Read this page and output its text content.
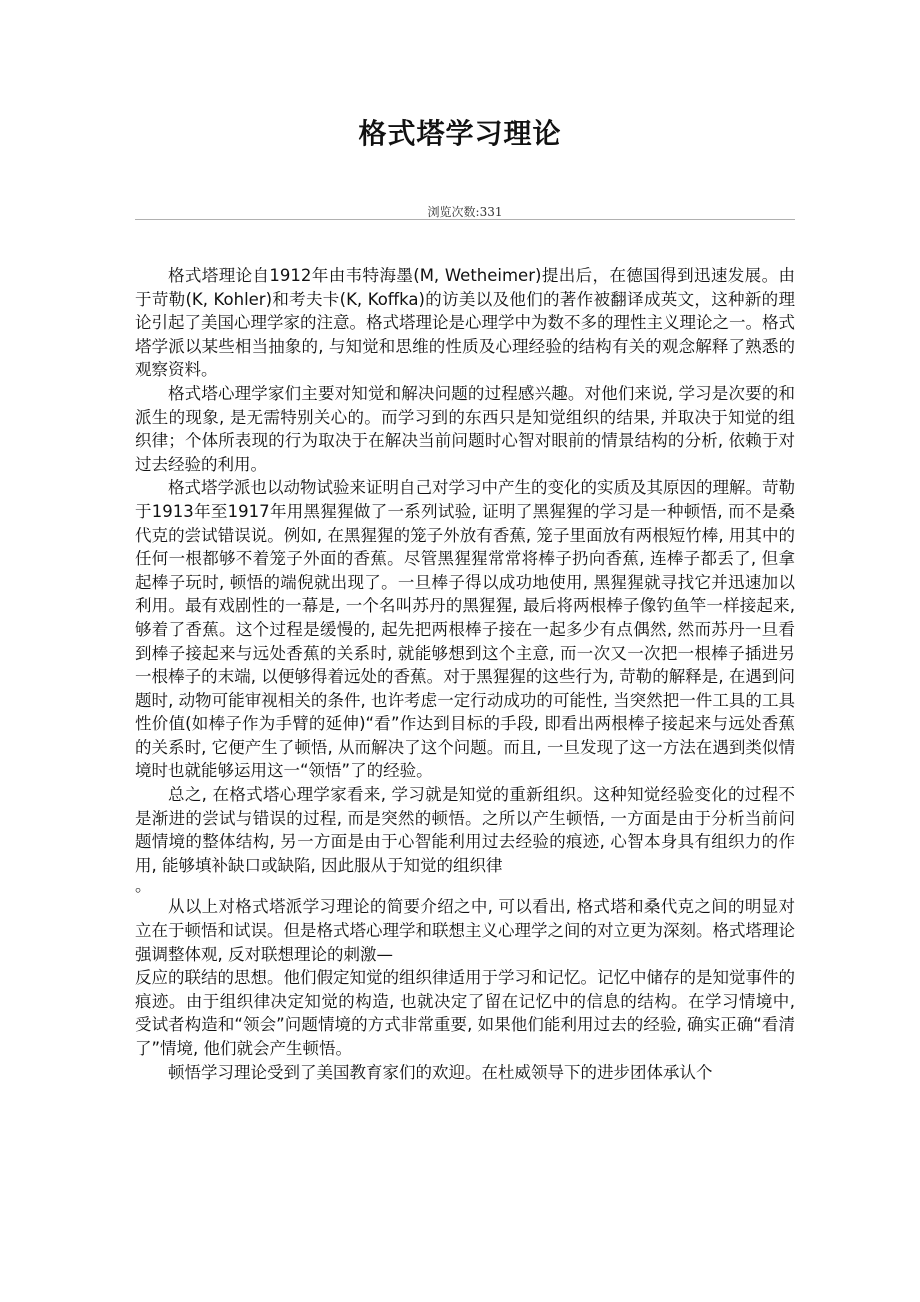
格式塔学习理论
浏览次数:331

格式塔理论自1912年由韦特海墨(M, Wetheimer)提出后，在德国得到迅速发展。由于苛勒(K, Kohler)和考夫卡(K, Koffka)的访美以及他们的著作被翻译成英文，这种新的理论引起了美国心理学家的注意。格式塔理论是心理学中为数不多的理性主义理论之一。格式塔学派以某些相当抽象的, 与知觉和思维的性质及心理经验的结构有关的观念解释了熟悉的观察资料。

格式塔心理学家们主要对知觉和解决问题的过程感兴趣。对他们来说, 学习是次要的和派生的现象, 是无需特别关心的。而学习到的东西只是知觉组织的结果, 并取决于知觉的组织律；个体所表现的行为取决于在解决当前问题时心智对眼前的情景结构的分析, 依赖于对过去经验的利用。

格式塔学派也以动物试验来证明自己对学习中产生的变化的实质及其原因的理解。苛勒于1913年至1917年用黑猩猩做了一系列试验, 证明了黑猩猩的学习是一种顿悟, 而不是桑代克的尝试错误说。例如, 在黑猩猩的笼子外放有香蕉, 笼子里面放有两根短竹棒, 用其中的任何一根都够不着笼子外面的香蕉。尽管黑猩猩常常将棒子扔向香蕉, 连棒子都丢了, 但拿起棒子玩时, 顿悟的端倪就出现了。一旦棒子得以成功地使用, 黑猩猩就寻找它并迅速加以利用。最有戏剧性的一幕是, 一个名叫苏丹的黑猩猩, 最后将两根棒子像钓鱼竿一样接起来, 够着了香蕉。这个过程是缓慢的, 起先把两根棒子接在一起多少有点偶然, 然而苏丹一旦看到棒子接起来与远处香蕉的关系时, 就能够想到这个主意, 而一次又一次把一根棒子插进另一根棒子的末端, 以便够得着远处的香蕉。对于黑猩猩的这些行为, 苛勒的解释是, 在遇到问题时, 动物可能审视相关的条件, 也许考虑一定行动成功的可能性, 当突然把一件工具的工具性价值(如棒子作为手臂的延伸)“看”作达到目标的手段, 即看出两根棒子接起来与远处香蕉的关系时, 它便产生了顿悟, 从而解决了这个问题。而且, 一旦发现了这一方法在遇到类似情境时也就能够运用这一“领悟”了的经验。

总之, 在格式塔心理学家看来, 学习就是知觉的重新组织。这种知觉经验变化的过程不是渐进的尝试与错误的过程, 而是突然的顿悟。之所以产生顿悟, 一方面是由于分析当前问题情境的整体结构, 另一方面是由于心智能利用过去经验的痕迹, 心智本身具有组织力的作用, 能够填补缺口或缺陷, 因此服从于知觉的组织律

。

从以上对格式塔派学习理论的简要介绍之中, 可以看出, 格式塔和桑代克之间的明显对立在于顿悟和试误。但是格式塔心理学和联想主义心理学之间的对立更为深刻。格式塔理论强调整体观, 反对联想理论的刺激—

反应的联结的思想。他们假定知觉的组织律适用于学习和记忆。记忆中储存的是知觉事件的痕迹。由于组织律决定知觉的构造, 也就决定了留在记忆中的信息的结构。在学习情境中, 受试者构造和“领会”问题情境的方式非常重要, 如果他们能利用过去的经验, 确实正确“看清了”情境, 他们就会产生顿悟。

顿悟学习理论受到了美国教育家们的欢迎。在杜威领导下的进步团体承认个
